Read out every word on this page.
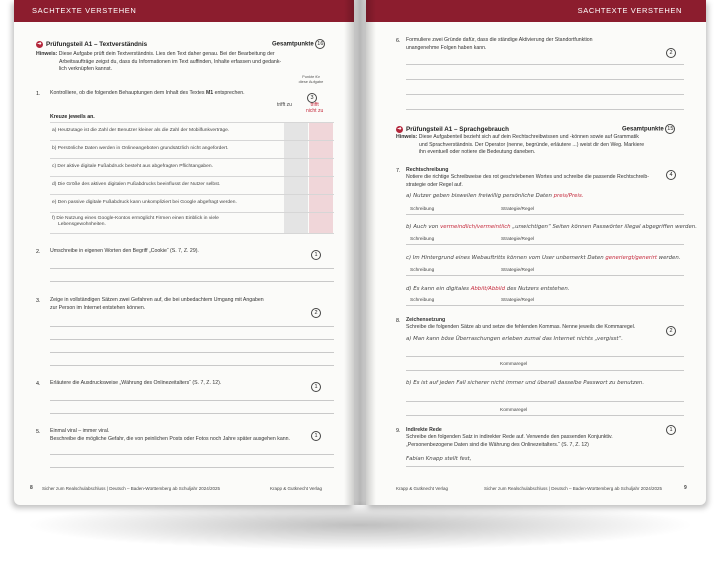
SACHTEXTE VERSTEHEN
➜ Prüfungsteil A1 – Textverständnis	Gesamtpunkte 16
Hinweis: Diese Aufgabe prüft dein Textverständnis. Lies den Text daher genau. Bei der Bearbeitung der
Arbeitsaufträge zeigst du, dass du Informationen im Text auffinden, Inhalte erfassen und gedank-
lich verknüpfen kannst.
Punkte für
diese Aufgabe
1. Kontrolliere, ob die folgenden Behauptungen dem Inhalt des Textes M1 entsprechen.
3
trifft zu	trifft
nicht zu
Kreuze jeweils an.
a) Heutzutage ist die Zahl der Benutzer kleiner als die Zahl der Mobilfunkverträge.
b) Persönliche Daten werden in Onlineangeboten grundsätzlich nicht angefordert.
c) Der aktive digitale Fußabdruck besteht aus abgefragten Pflichtangaben.
d) Die Größe des aktiven digitalen Fußabdrucks beeinflusst der Nutzer selbst.
e) Den passive digitale Fußabdruck kann unkompliziert bei Google abgefragt werden.
f) Die Nutzung eines Google-Kontos ermöglicht Firmen einen Einblick in viele
Lebensgewohnheiten.
2. Umschreibe in eigenen Worten den Begriff „Cookie“ (S. 7, Z. 29).
1
3. Zeige in vollständigen Sätzen zwei Gefahren auf, die bei unbedachtem Umgang mit Angaben
zur Person im Internet entstehen können.
2
4. Erläutere die Ausdrucksweise „Währung des Onlinezeitalters“ (S. 7, Z. 12).
1
5. Einmal viral – immer viral.
Beschreibe die mögliche Gefahr, die von peinlichen Posts oder Fotos noch Jahre später ausgehen kann.	1
8 Sicher zum Realschulabschluss | Deutsch – Baden-Württemberg ab Schuljahr 2024/2025	Krapp & Gutknecht Verlag
SACHTEXTE VERSTEHEN
6. Formuliere zwei Gründe dafür, dass die ständige Aktivierung der Standortfunktion
unangenehme Folgen haben kann.
2
➜ Prüfungsteil A1 – Sprachgebrauch	Gesamtpunkte 15
Hinweis: Diese Aufgabenteil bezieht sich auf dein Rechtschreibwissen und -können sowie auf Grammatik
und Sprachverständnis. Der Operator (nenne, begründe, erläutere ...) weist dir den Weg. Markiere
ihn eventuell oder notiere die Bedeutung daneben.
7. Rechtschreibung
4
Notiere die richtige Schreibweise des rot geschriebenen Wortes und schreibe die passende Rechtschreib-
strategie oder Regel auf.
a) Nutzer geben bisweilen freiwillig persönliche Daten preis/Preis.
Schreibung	Strategie/Regel
b) Auch von vermeindlich/vermeintlich „unwichtigen“ Seiten können Passwörter illegal abgegriffen werden.
Schreibung	Strategie/Regel
c) Im Hintergrund eines Webauftritts können vom User unbemerkt Daten generiergt/generirt werden.
Schreibung	Strategie/Regel
d) Es kann ein digitales Abbilt/Abbild des Nutzers entstehen.
Schreibung	Strategie/Regel
8. Zeichensetzung
2
Schreibe die folgenden Sätze ab und setze die fehlenden Kommas. Nenne jeweils die Kommaregel.
a) Man kann böse Überraschungen erleben zumal das Internet nichts „vergisst“.
Kommaregel
b) Es ist auf jeden Fall sicherer nicht immer und überall dasselbe Passwort zu benutzen.
Kommaregel
9. Indirekte Rede	1
Schreibe den folgenden Satz in indirekter Rede auf. Verwende den passenden Konjunktiv.
„Personenbezogene Daten sind die Währung des Onlinezeitalters.“ (S. 7, Z. 12)
Fabian Knapp stellt fest,
Krapp & Gutknecht Verlag	Sicher zum Realschulabschluss | Deutsch – Baden-Württemberg ab Schuljahr 2024/2025	9
